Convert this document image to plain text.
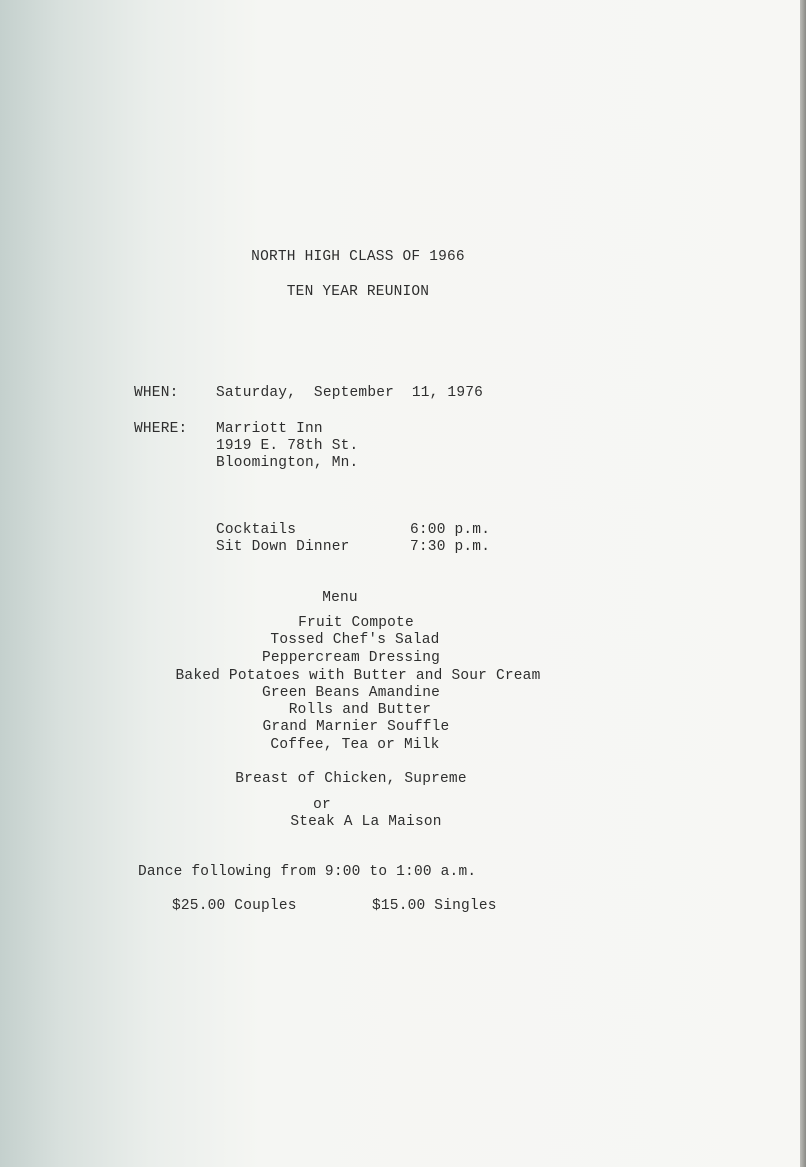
NORTH HIGH CLASS OF 1966
TEN YEAR REUNION
WHEN:	Saturday,  September  11, 1976
WHERE: Marriott Inn
1919 E. 78th St.
Bloomington, Mn.
Cocktails	6:00 p.m.
Sit Down Dinner	7:30 p.m.
Menu
Fruit Compote
Tossed Chef's Salad
Peppercream Dressing
Baked Potatoes with Butter and Sour Cream
Green Beans Amandine
Rolls and Butter
Grand Marnier Souffle
Coffee, Tea or Milk
Breast of Chicken, Supreme
or
Steak A La Maison
Dance following from 9:00 to 1:00 a.m.
$25.00 Couples	$15.00 Singles
